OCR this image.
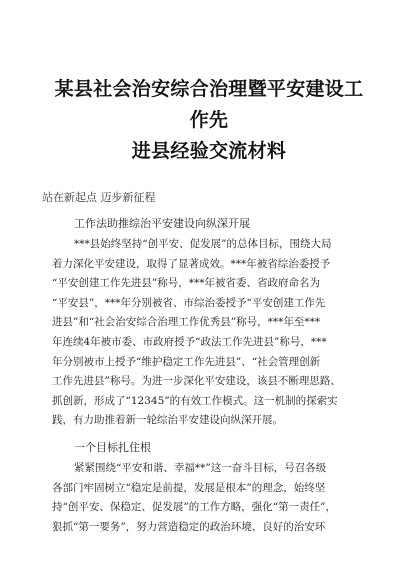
某县社会治安综合治理暨平安建设工作先
进县经验交流材料

站在新起点 迈步新征程

工作法助推综治平安建设向纵深开展

***县始终坚持“创平安、促发展”的总体目标，围绕大局
着力深化平安建设，取得了显著成效。***年被省综治委授予
“平安创建工作先进县”称号，***年被省委、省政府命名为
“平安县”，***年分别被省、市综治委授予“平安创建工作先
进县”和“社会治安综合治理工作优秀县”称号，***年至***
年连续4年被市委、市政府授予“政法工作先进县”称号，***
年分别被市上授予“维护稳定工作先进县”、“社会管理创新
工作先进县”称号。为进一步深化平安建设，该县不断理思路、
抓创新，形成了“12345”的有效工作模式。这一机制的探索实
践，有力助推着新一轮综治平安建设向纵深开展。

一个目标扎住根

紧紧围绕“平安和谐、幸福**”这一奋斗目标，号召各级
各部门牢固树立“稳定是前提，发展是根本”的理念，始终坚
持“创平安、保稳定、促发展”的工作方略，强化“第一责任”，
狠抓“第一要务”，努力营造稳定的政治环境、良好的治安环
